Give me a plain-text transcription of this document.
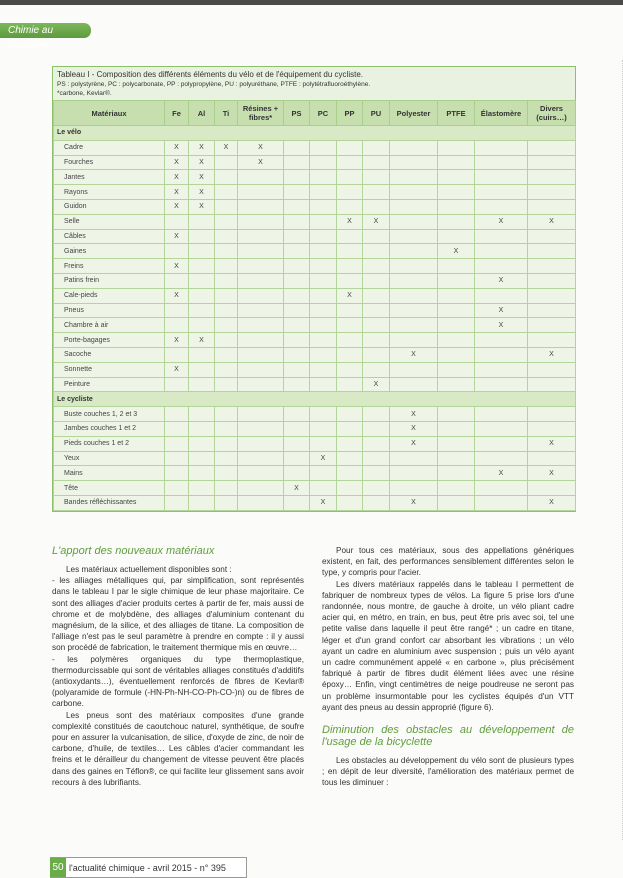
Chimie au quotidien
Tableau I - Composition des différents éléments du vélo et de l'équipement du cycliste.
PS : polystyrène, PC : polycarbonate, PP : polypropylène, PU : polyuréthane, PTFE : polytétrafluoroéthylène.
*carbone, Kevlar®.
Matériaux	Fe	Al	Ti	Résines + fibres*	PS	PC	PP	PU	Polyester	PTFE	Élastomère	Divers (cuirs…)
Le vélo												
Cadre	X	X	X	X								
Fourches	X	X		X								
Jantes	X	X										
Rayons	X	X										
Guidon	X	X										
Selle							X	X			X	X
Câbles	X											
Gaines										X		
Freins	X											
Patins frein											X	
Cale-pieds	X						X					
Pneus											X	
Chambre à air											X	
Porte-bagages	X	X										
Sacoche									X			X
Sonnette	X											
Peinture								X				
Le cycliste												
Buste couches 1, 2 et 3									X			
Jambes couches 1 et 2									X			
Pieds couches 1 et 2									X			X
Yeux						X						
Mains											X	X
Tête					X							
Bandes réfléchissantes						X			X			X
L'apport des nouveaux matériaux

Les matériaux actuellement disponibles sont :

- les alliages métalliques qui, par simplification, sont représentés dans le tableau I par le sigle chimique de leur phase majoritaire. Ce sont des alliages d'acier produits certes à partir de fer, mais aussi de chrome et de molybdène, des alliages d'aluminium contenant du magnésium, de la silice, et des alliages de titane. La composition de l'alliage n'est pas le seul paramètre à prendre en compte : il y aussi son procédé de fabrication, le traitement thermique mis en œuvre…

- les polymères organiques du type thermoplastique, thermodurcissable qui sont de véritables alliages constitués d'additifs (antioxydants…), éventuellement renforcés de fibres de Kevlar® (polyaramide de formule (-HN-Ph-NH-CO-Ph-CO-)n) ou de fibres de carbone.

Les pneus sont des matériaux composites d'une grande complexité constitués de caoutchouc naturel, synthétique, de soufre pour en assurer la vulcanisation, de silice, d'oxyde de zinc, de noir de carbone, d'huile, de textiles… Les câbles d'acier commandant les freins et le dérailleur du changement de vitesse peuvent être placés dans des gaines en Téflon®, ce qui facilite leur glissement sans avoir recours à des lubrifiants.

Pour tous ces matériaux, sous des appellations génériques existent, en fait, des performances sensiblement différentes selon le type, y compris pour l'acier.

Les divers matériaux rappelés dans le tableau I permettent de fabriquer de nombreux types de vélos. La figure 5 prise lors d'une randonnée, nous montre, de gauche à droite, un vélo pliant cadre acier qui, en métro, en train, en bus, peut être pris avec soi, tel une petite valise dans laquelle il peut être rangé* ; un cadre en titane, léger et d'un grand confort car absorbant les vibrations ; un vélo ayant un cadre en aluminium avec suspension ; puis un vélo ayant un cadre communément appelé « en carbone », plus précisément fabriqué à partir de fibres dudit élément liées avec une résine époxy… Enfin, vingt centimètres de neige poudreuse ne seront pas un problème insurmontable pour les cyclistes équipés d'un VTT ayant des pneus au dessin approprié (figure 6).

Diminution des obstacles au développement de l'usage de la bicyclette

Les obstacles au développement du vélo sont de plusieurs types ; en dépit de leur diversité, l'amélioration des matériaux permet de tous les diminuer :

50 l'actualité chimique - avril 2015 - n° 395
